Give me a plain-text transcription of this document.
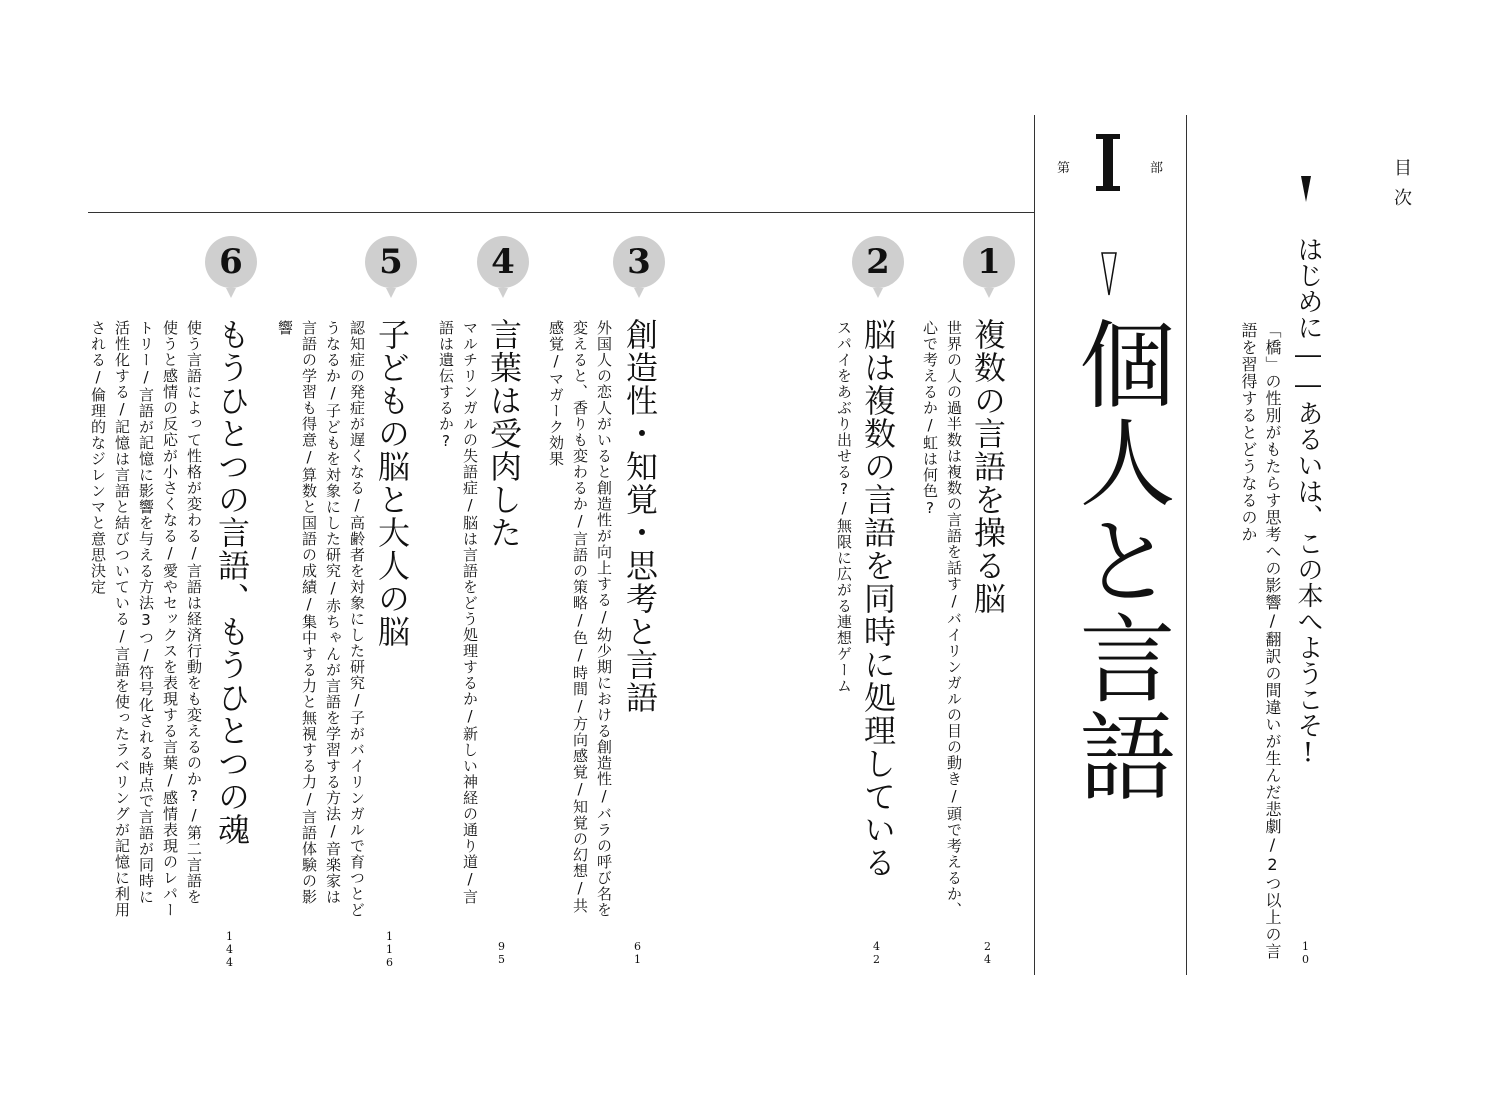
目次
はじめに――あるいは、この本へようこそ!
「橋」の性別がもたらす思考への影響/翻訳の間違いが生んだ悲劇/2つ以上の言語を習得するとどうなるのか
10
第	部
個人と言語
1
複数の言語を操る脳
世界の人の過半数は複数の言語を話す/バイリンガルの目の動き/頭で考えるか、心で考えるか/虹は何色?
24
2
脳は複数の言語を同時に処理している
スパイをあぶり出せる?/無限に広がる連想ゲーム
42
3
創造性・知覚・思考と言語
外国人の恋人がいると創造性が向上する/幼少期における創造性/バラの呼び名を変えると、香りも変わるか/言語の策略/色/時間/方向感覚/知覚の幻想/共感覚/マガーク効果
61
4
言葉は受肉した
マルチリンガルの失語症/脳は言語をどう処理するか/新しい神経の通り道/言語は遺伝するか?
95
5
子どもの脳と大人の脳
認知症の発症が遅くなる/高齢者を対象にした研究/子がバイリンガルで育つとどうなるか/子どもを対象にした研究/赤ちゃんが言語を学習する方法/音楽家は言語の学習も得意/算数と国語の成績/集中する力と無視する力/言語体験の影響
116
6
もうひとつの言語、もうひとつの魂
使う言語によって性格が変わる/言語は経済行動をも変えるのか?/第二言語を使うと感情の反応が小さくなる/愛やセックスを表現する言葉/感情表現のレパートリー/言語が記憶に影響を与える方法3つ/符号化される時点で言語が同時に活性化する/記憶は言語と結びついている/言語を使ったラベリングが記憶に利用される/倫理的なジレンマと意思決定
144
